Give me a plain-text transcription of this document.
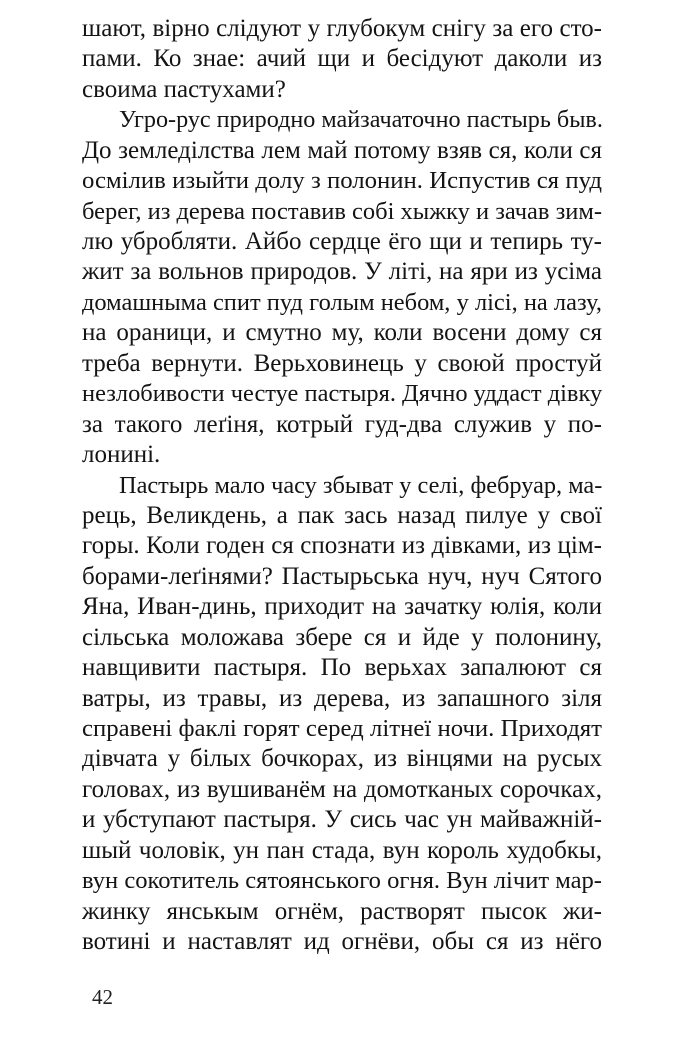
шают, вірно слідуют у глубокум снігу за его сто-
пами. Ко знае: ачий щи и бесідуют даколи из
своима пастухами?
Угро-рус природно майзачаточно пастырь быв.
До земледілства лем май потому взяв ся, коли ся
осмілив изыйти долу з полонин. Испустив ся пуд
берег, из дерева поставив собі хыжку и зачав зим-
лю убробляти. Айбо сердце ёго щи и тепирь ту-
жит за вольнов природов. У літі, на яри из усіма
домашныма спит пуд голым небом, у лісі, на лазу,
на ораници, и смутно му, коли восени дому ся
треба вернути. Верьховинець у своюй простуй
незлобивости честуе пастыря. Дячно уддаст дівку
за такого леґіня, котрый гуд-два служив у по-
лонині.
Пастырь мало часу збыват у селі, фебруар, ма-
рець, Великдень, а пак зась назад пилуе у свої
горы. Коли годен ся спознати из дівками, из цім-
борами-леґінями? Пастырьська нуч, нуч Сятого
Яна, Иван-динь, приходит на зачатку юлія, коли
сільська моложава збере ся и йде у полонину,
навщивити пастыря. По верьхах запалюют ся
ватры, из травы, из дерева, из запашного зіля
справені факлі горят серед літнеї ночи. Приходят
дівчата у білых бочкорах, из вінцями на русых
головах, из вушиванём на домотканых сорочках,
и убступают пастыря. У сись час ун майважній-
шый чоловік, ун пан стада, вун король худобкы,
вун сокотитель сятоянського огня. Вун лічит мар-
жинку янськым огнём, растворят пысок жи-
вотині и наставлят ид огнёви, обы ся из нёго
42
